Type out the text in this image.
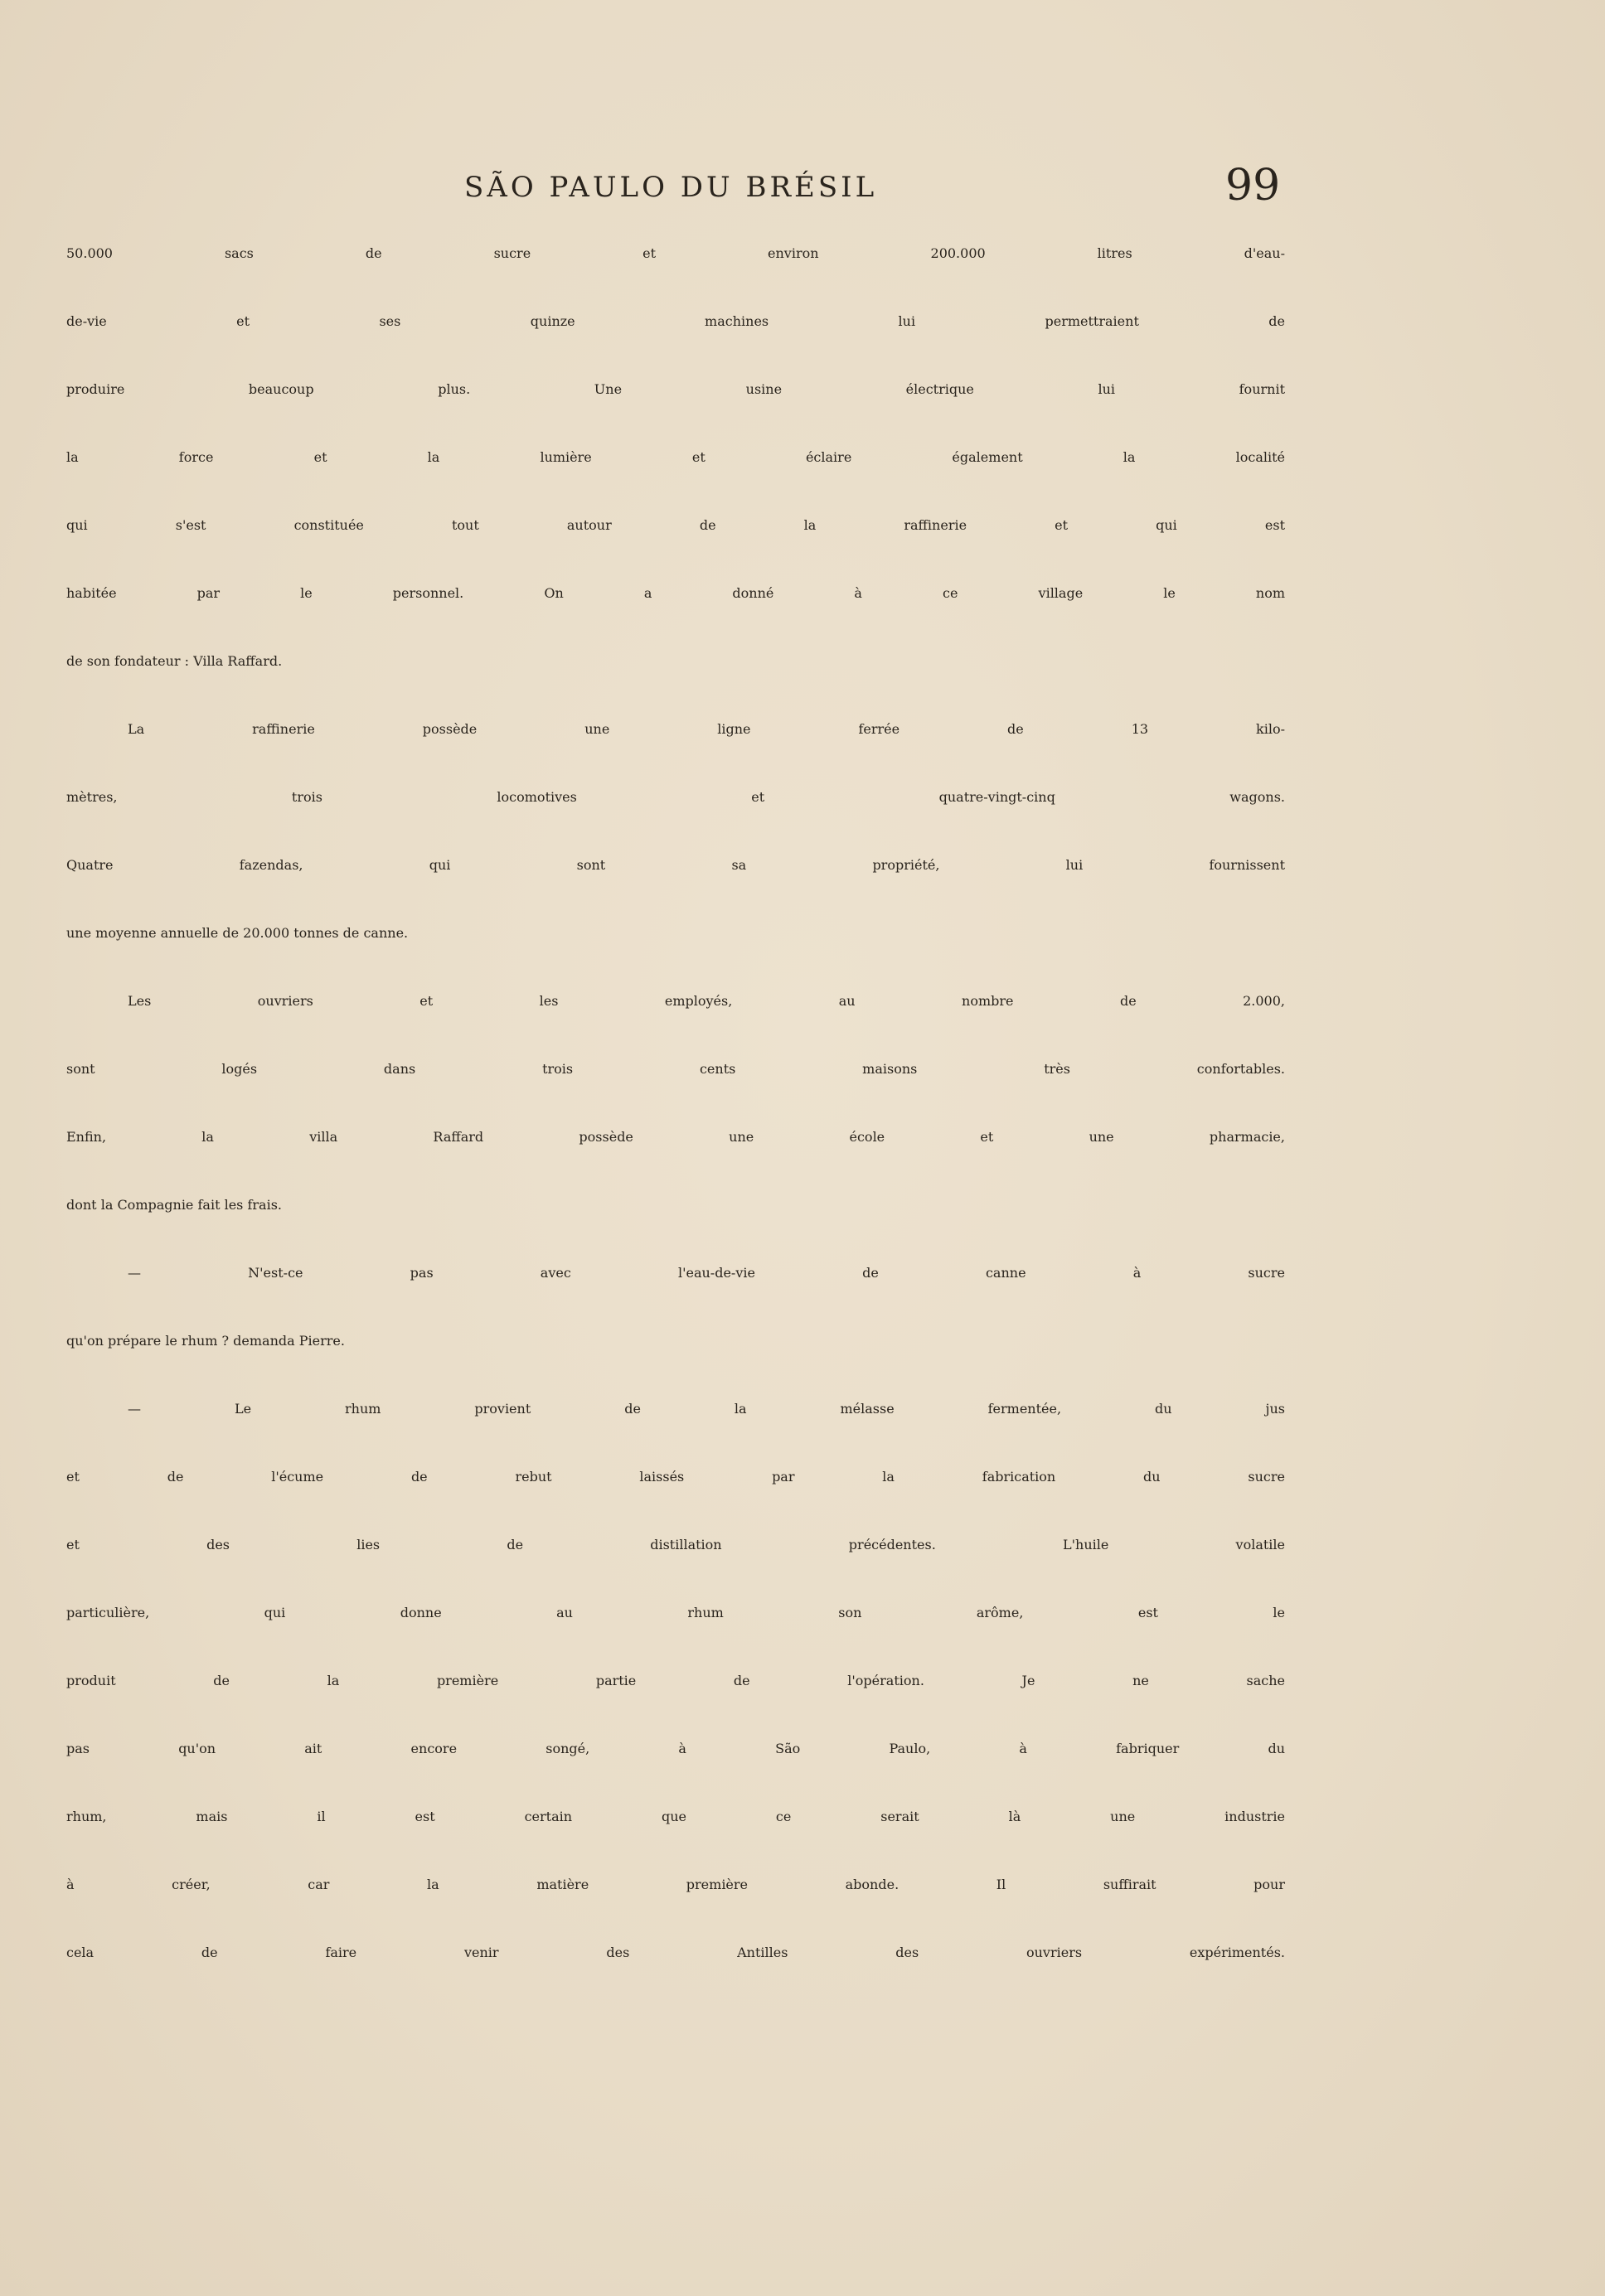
SÃO PAULO DU BRÉSIL	99
50.000 sacs de sucre et environ 200.000 litres d'eau-
de-vie et ses quinze machines lui permettraient de
produire beaucoup plus. Une usine électrique lui fournit
la force et la lumière et éclaire également la localité
qui s'est constituée tout autour de la raffinerie et qui est
habitée par le personnel. On a donné à ce village le nom
de son fondateur : Villa Raffard.
La raffinerie possède une ligne ferrée de 13 kilo-
mètres, trois locomotives et quatre-vingt-cinq wagons.
Quatre fazendas, qui sont sa propriété, lui fournissent
une moyenne annuelle de 20.000 tonnes de canne.
Les ouvriers et les employés, au nombre de 2.000,
sont logés dans trois cents maisons très confortables.
Enfin, la villa Raffard possède une école et une pharmacie,
dont la Compagnie fait les frais.
— N'est-ce pas avec l'eau-de-vie de canne à sucre
qu'on prépare le rhum ? demanda Pierre.
— Le rhum provient de la mélasse fermentée, du jus
et de l'écume de rebut laissés par la fabrication du sucre
et des lies de distillation précédentes. L'huile volatile
particulière, qui donne au rhum son arôme, est le
produit de la première partie de l'opération. Je ne sache
pas qu'on ait encore songé, à São Paulo, à fabriquer du
rhum, mais il est certain que ce serait là une industrie
à créer, car la matière première abonde. Il suffirait pour
cela de faire venir des Antilles des ouvriers expérimentés.
